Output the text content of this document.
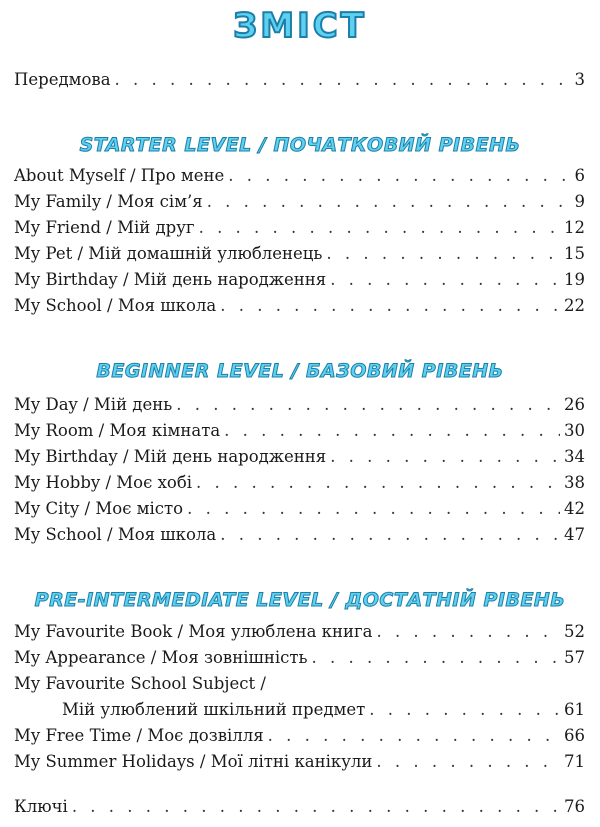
ЗМІСТ
Передмова . . .	3
STARTER LEVEL / ПОЧАТКОВИЙ РІВЕНЬ
About Myself / Про мене . . .	6
My Family / Моя сім’я . . .	9
My Friend / Мій друг . . .	12
My Pet / Мій домашній улюбленець . . .	15
My Birthday / Мій день народження . . .	19
My School / Моя школа . . .	22
BEGINNER LEVEL / БАЗОВИЙ РІВЕНЬ
My Day / Мій день . . .	26
My Room / Моя кімната . . .	30
My Birthday / Мій день народження . . .	34
My Hobby / Моє хобі . . .	38
My City / Моє місто . . .	42
My School / Моя школа . . .	47
PRE-INTERMEDIATE LEVEL / ДОСТАТНІЙ РІВЕНЬ
My Favourite Book / Моя улюблена книга . . .	52
My Appearance / Моя зовнішність . . .	57
My Favourite School Subject /
Мій улюблений шкільний предмет . . .	61
My Free Time / Моє дозвілля . . .	66
My Summer Holidays / Мої літні канікули . . .	71
Ключі . . .	76
